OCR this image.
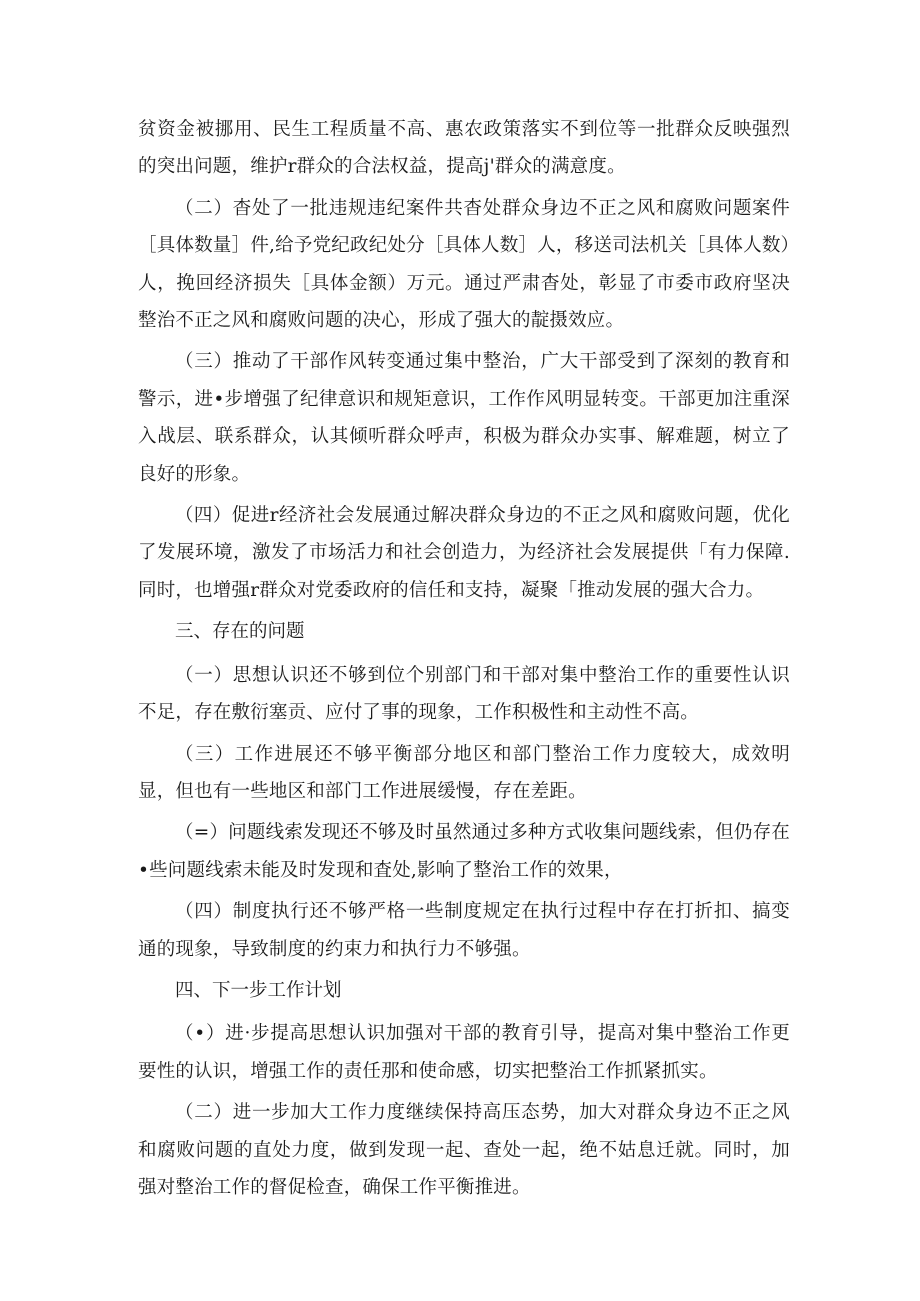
贫资金被挪用、民生工程质量不高、惠农政策落实不到位等一批群众反映强烈的突出问题，维护r群众的合法权益，提高j'群众的满意度。

（二）杳处了一批违规违纪案件共杳处群众身边不正之风和腐败问题案件［具体数量］件,给予党纪政纪处分［具体人数］人，移送司法机关［具体人数）人，挽回经济损失［具体金额）万元。通过严肃杳处，彰显了市委市政府坚决整治不正之风和腐败问题的决心，形成了强大的靛摄效应。

（三）推动了干部作风转变通过集中整治，广大干部受到了深刻的教育和警示，进•步增强了纪律意识和规矩意识，工作作风明显转变。干部更加注重深入战层、联系群众，认其倾听群众呼声，积极为群众办实事、解难题，树立了良好的形象。

（四）促进r经济社会发展通过解决群众身边的不正之风和腐败问题，优化了发展环境，激发了市场活力和社会创造力，为经济社会发展提供「有力保障.同时，也增强r群众对党委政府的信任和支持，凝聚「推动发展的强大合力。

三、存在的问题

（一）思想认识还不够到位个别部门和干部对集中整治工作的重要性认识不足，存在敷衍塞贡、应付了事的现象，工作积极性和主动性不高。

（三）工作进展还不够平衡部分地区和部门整治工作力度较大，成效明显，但也有一些地区和部门工作进展缓慢，存在差距。

（=）问题线索发现还不够及时虽然通过多种方式收集问题线索，但仍存在•些问题线索未能及时发现和査处,影响了整治工作的效果，

（四）制度执行还不够严格一些制度规定在执行过程中存在打折扣、搞变通的现象，导致制度的约束力和执行力不够强。

四、下一步工作计划

（•）进·步提高思想认识加强对干部的教育引导，提高对集中整治工作更要性的认识，增强工作的责任那和使命感，切实把整治工作抓紧抓实。

（二）进一步加大工作力度继续保持高压态势，加大对群众身边不正之风和腐败问题的直处力度，做到发现一起、查处一起，绝不姑息迁就。同时，加强对整治工作的督促检查，确保工作平衡推进。
